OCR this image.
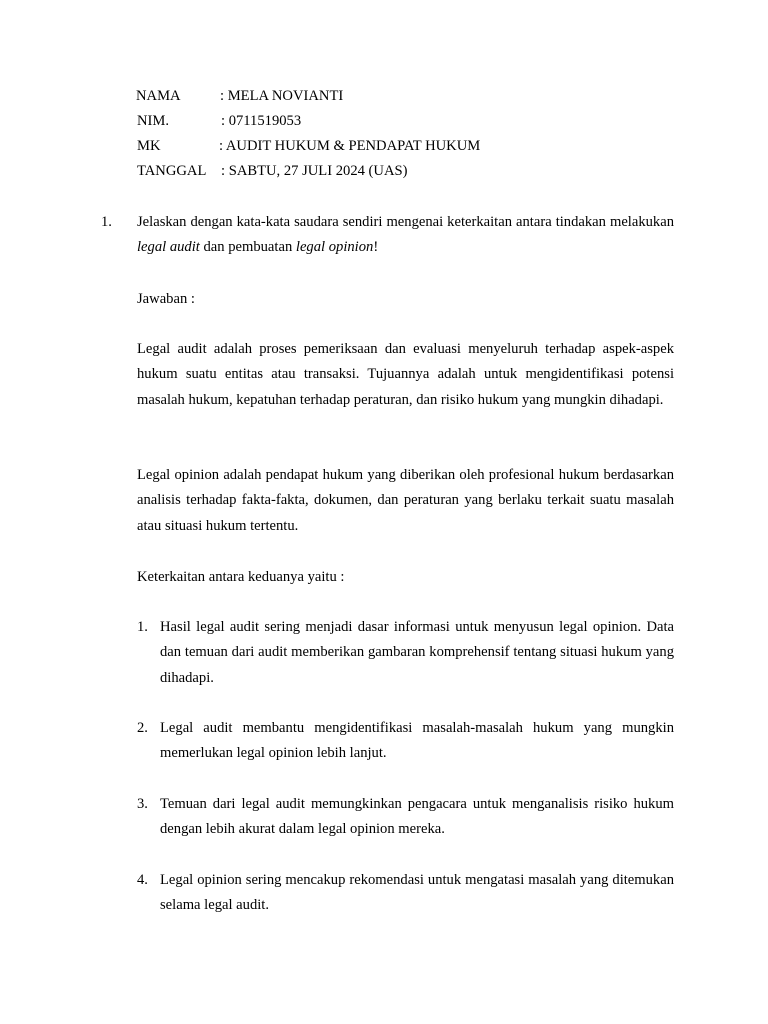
NAMA	: MELA NOVIANTI
NIM.	: 0711519053
MK	: AUDIT HUKUM & PENDAPAT HUKUM
TANGGAL : SABTU, 27 JULI 2024 (UAS)
1. Jelaskan dengan kata-kata saudara sendiri mengenai keterkaitan antara tindakan melakukan legal audit dan pembuatan legal opinion!

Jawaban :

Legal audit adalah proses pemeriksaan dan evaluasi menyeluruh terhadap aspek-aspek hukum suatu entitas atau transaksi. Tujuannya adalah untuk mengidentifikasi potensi masalah hukum, kepatuhan terhadap peraturan, dan risiko hukum yang mungkin dihadapi.

Legal opinion adalah pendapat hukum yang diberikan oleh profesional hukum berdasarkan analisis terhadap fakta-fakta, dokumen, dan peraturan yang berlaku terkait suatu masalah atau situasi hukum tertentu.

Keterkaitan antara keduanya yaitu :

1. Hasil legal audit sering menjadi dasar informasi untuk menyusun legal opinion. Data dan temuan dari audit memberikan gambaran komprehensif tentang situasi hukum yang dihadapi.
2. Legal audit membantu mengidentifikasi masalah-masalah hukum yang mungkin memerlukan legal opinion lebih lanjut.
3. Temuan dari legal audit memungkinkan pengacara untuk menganalisis risiko hukum dengan lebih akurat dalam legal opinion mereka.
4. Legal opinion sering mencakup rekomendasi untuk mengatasi masalah yang ditemukan selama legal audit.
